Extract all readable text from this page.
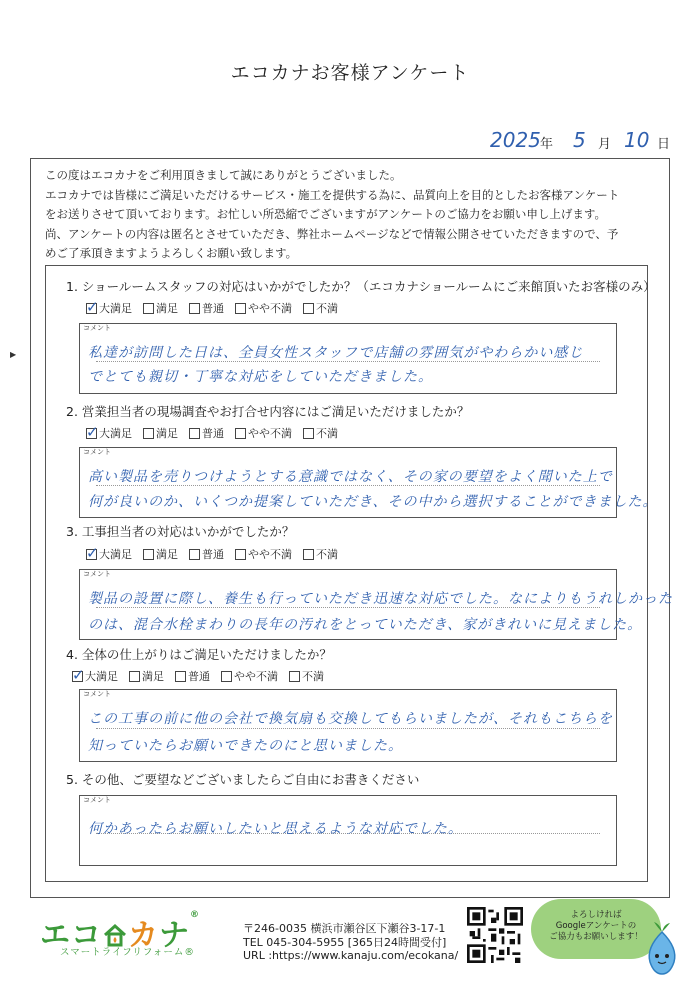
エコカナお客様アンケート
2025 年 5 月 10 日
▶
この度はエコカナをご利用頂きまして誠にありがとうございました。
エコカナでは皆様にご満足いただけるサービス・施工を提供する為に、品質向上を目的としたお客様アンケート
をお送りさせて頂いております。お忙しい所恐縮でございますがアンケートのご協力をお願い申し上げます。
尚、アンケートの内容は匿名とさせていただき、弊社ホームページなどで情報公開させていただきますので、予
めご了承頂きますようよろしくお願い致します。
1. ショールームスタッフの対応はいかがでしたか？（エコカナショールームにご来館頂いたお客様のみ）
✓
大満足 満足 普通 やや不満 不満
コメント
私達が訪問した日は、全員女性スタッフで店舗の雰囲気がやわらかい感じ
でとても親切・丁寧な対応をしていただきました。
2. 営業担当者の現場調査やお打合せ内容にはご満足いただけましたか？
✓
大満足 満足 普通 やや不満 不満
コメント
高い製品を売りつけようとする意識ではなく、その家の要望をよく聞いた上で
何が良いのか、いくつか提案していただき、その中から選択することができました。
3. 工事担当者の対応はいかがでしたか？
✓
大満足 満足 普通 やや不満 不満
コメント
製品の設置に際し、養生も行っていただき迅速な対応でした。なによりもうれしかった
のは、混合水栓まわりの長年の汚れをとっていただき、家がきれいに見えました。
4. 全体の仕上がりはご満足いただけましたか？
✓
大満足 満足 普通 やや不満 不満
コメント
この工事の前に他の会社で換気扇も交換してもらいましたが、それもこちらを
知っていたらお願いできたのにと思いました。
5. その他、ご要望などございましたらご自由にお書きください
コメント
何かあったらお願いしたいと思えるような対応でした。
エコ カナ®
スマートライフリフォーム®
〒246-0035 横浜市瀬谷区下瀬谷3-17-1
TEL 045-304-5955 [365日24時間受付]
URL :https://www.kanaju.com/ecokana/
よろしければ
Googleアンケートの
ご協力もお願いします！
